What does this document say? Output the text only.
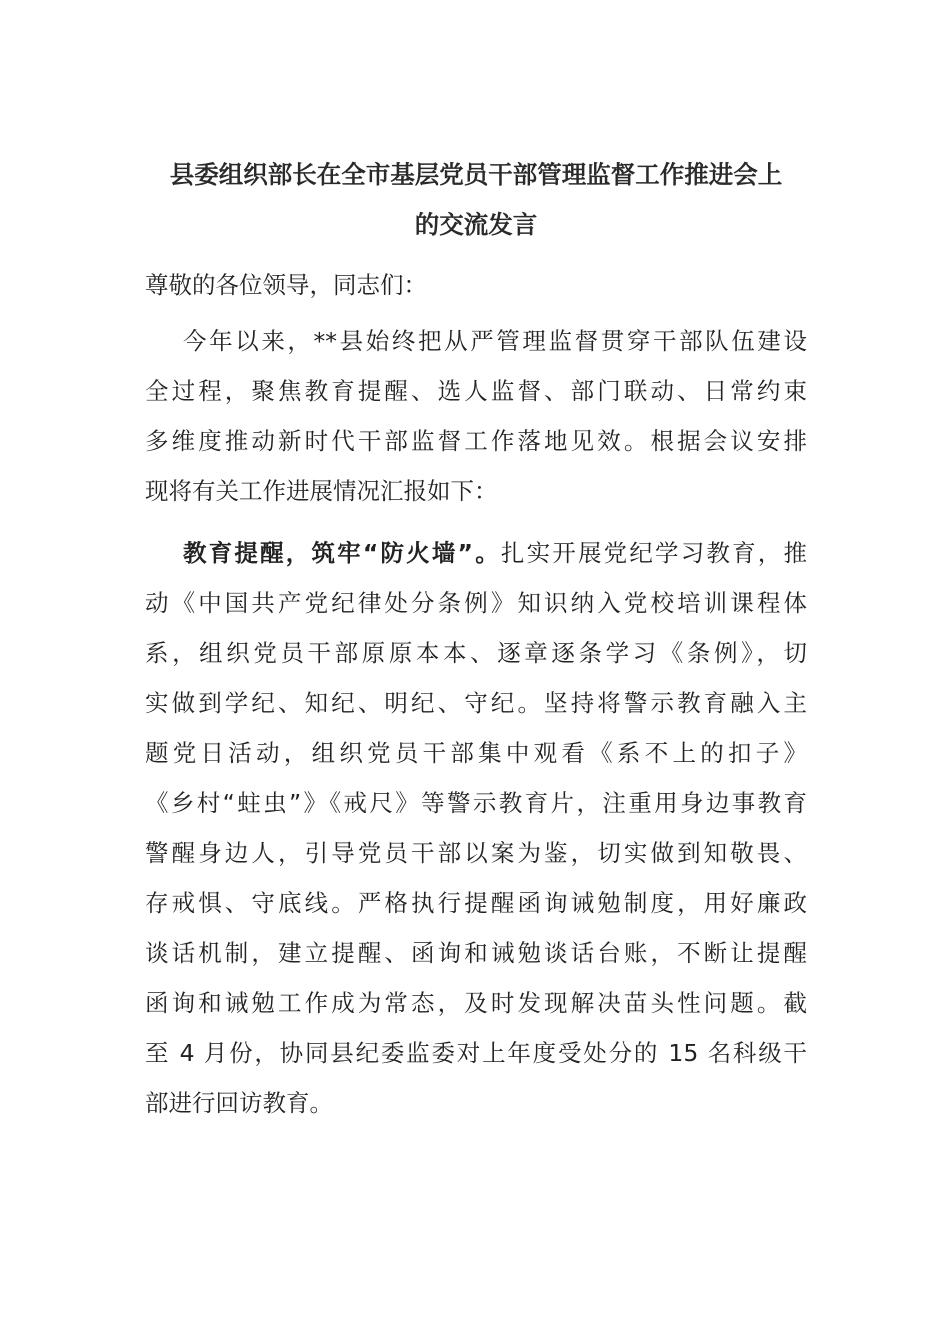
县委组织部长在全市基层党员干部管理监督工作推进会上
的交流发言

尊敬的各位领导，同志们：

今年以来，**县始终把从严管理监督贯穿干部队伍建设
全过程，聚焦教育提醒、选人监督、部门联动、日常约束
多维度推动新时代干部监督工作落地见效。根据会议安排
现将有关工作进展情况汇报如下：

教育提醒，筑牢“防火墙”。扎实开展党纪学习教育，推
动《中国共产党纪律处分条例》知识纳入党校培训课程体
系，组织党员干部原原本本、逐章逐条学习《条例》，切
实做到学纪、知纪、明纪、守纪。坚持将警示教育融入主
题党日活动，组织党员干部集中观看《系不上的扣子》
《乡村“蛀虫”》《戒尺》等警示教育片，注重用身边事教育
警醒身边人，引导党员干部以案为鉴，切实做到知敬畏、
存戒惧、守底线。严格执行提醒函询诫勉制度，用好廉政
谈话机制，建立提醒、函询和诫勉谈话台账，不断让提醒
函询和诫勉工作成为常态，及时发现解决苗头性问题。截
至 4 月份，协同县纪委监委对上年度受处分的 15 名科级干
部进行回访教育。
